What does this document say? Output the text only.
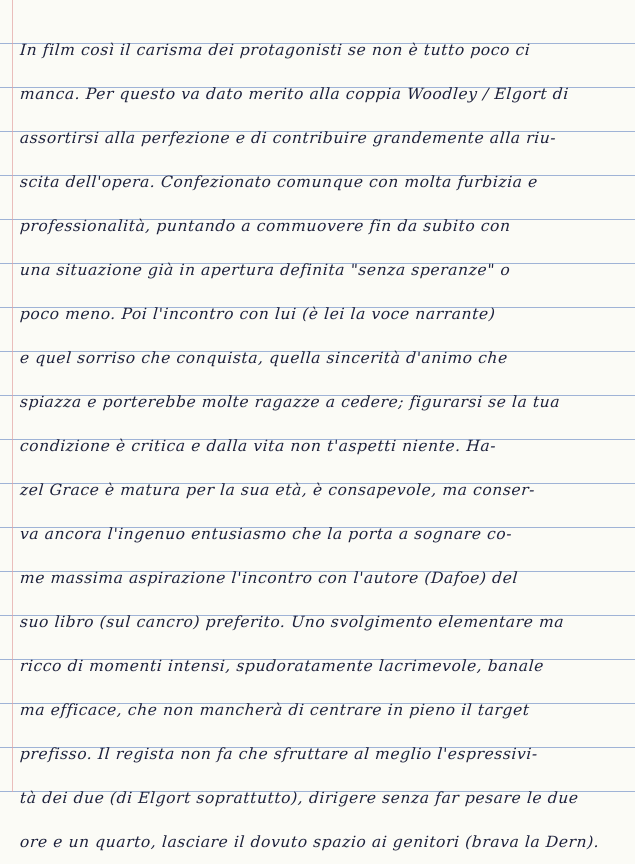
In film così il carisma dei protagonisti se non è tutto poco ci
manca. Per questo va dato merito alla coppia Woodley / Elgort di
assortirsi alla perfezione e di contribuire grandemente alla riu-
scita dell'opera. Confezionato comunque con molta furbizia e
professionalità, puntando a commuovere fin da subito con
una situazione già in apertura definita "senza speranze" o
poco meno. Poi l'incontro con lui (è lei la voce narrante)
e quel sorriso che conquista, quella sincerità d'animo che
spiazza e porterebbe molte ragazze a cedere; figurarsi se la tua
condizione è critica e dalla vita non t'aspetti niente. Ha-
zel Grace è matura per la sua età, è consapevole, ma conser-
va ancora l'ingenuo entusiasmo che la porta a sognare co-
me massima aspirazione l'incontro con l'autore (Dafoe) del
suo libro (sul cancro) preferito. Uno svolgimento elementare ma
ricco di momenti intensi, spudoratamente lacrimevole, banale
ma efficace, che non mancherà di centrare in pieno il target
prefisso. Il regista non fa che sfruttare al meglio l'espressivi-
tà dei due (di Elgort soprattutto), dirigere senza far pesare le due
ore e un quarto, lasciare il dovuto spazio ai genitori (brava la Dern).
